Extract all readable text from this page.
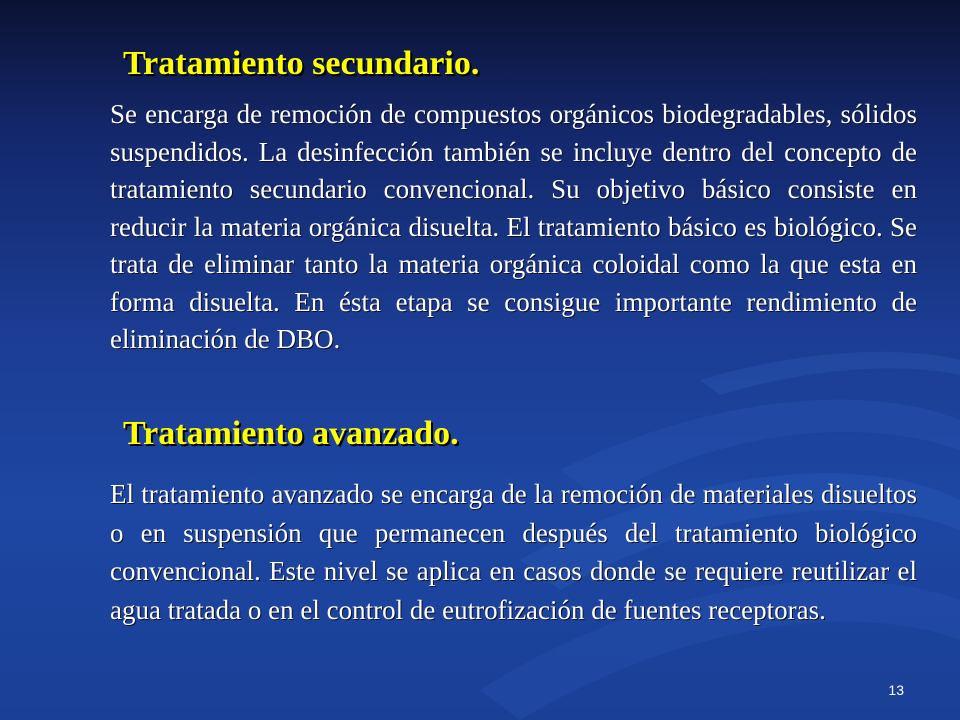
Tratamiento secundario.

Se encarga de remoción de compuestos orgánicos biodegradables, sólidos suspendidos. La desinfección también se incluye dentro del concepto de tratamiento secundario convencional. Su objetivo básico consiste en reducir la materia orgánica disuelta. El tratamiento básico es biológico. Se trata de eliminar tanto la materia orgánica coloidal como la que esta en forma disuelta. En ésta etapa se consigue importante rendimiento de eliminación de DBO.

Tratamiento avanzado.

El tratamiento avanzado se encarga de la remoción de materiales disueltos o en suspensión que permanecen después del tratamiento biológico convencional. Este nivel se aplica en casos donde se requiere reutilizar el agua tratada o en el control de eutrofización de fuentes receptoras.

13
